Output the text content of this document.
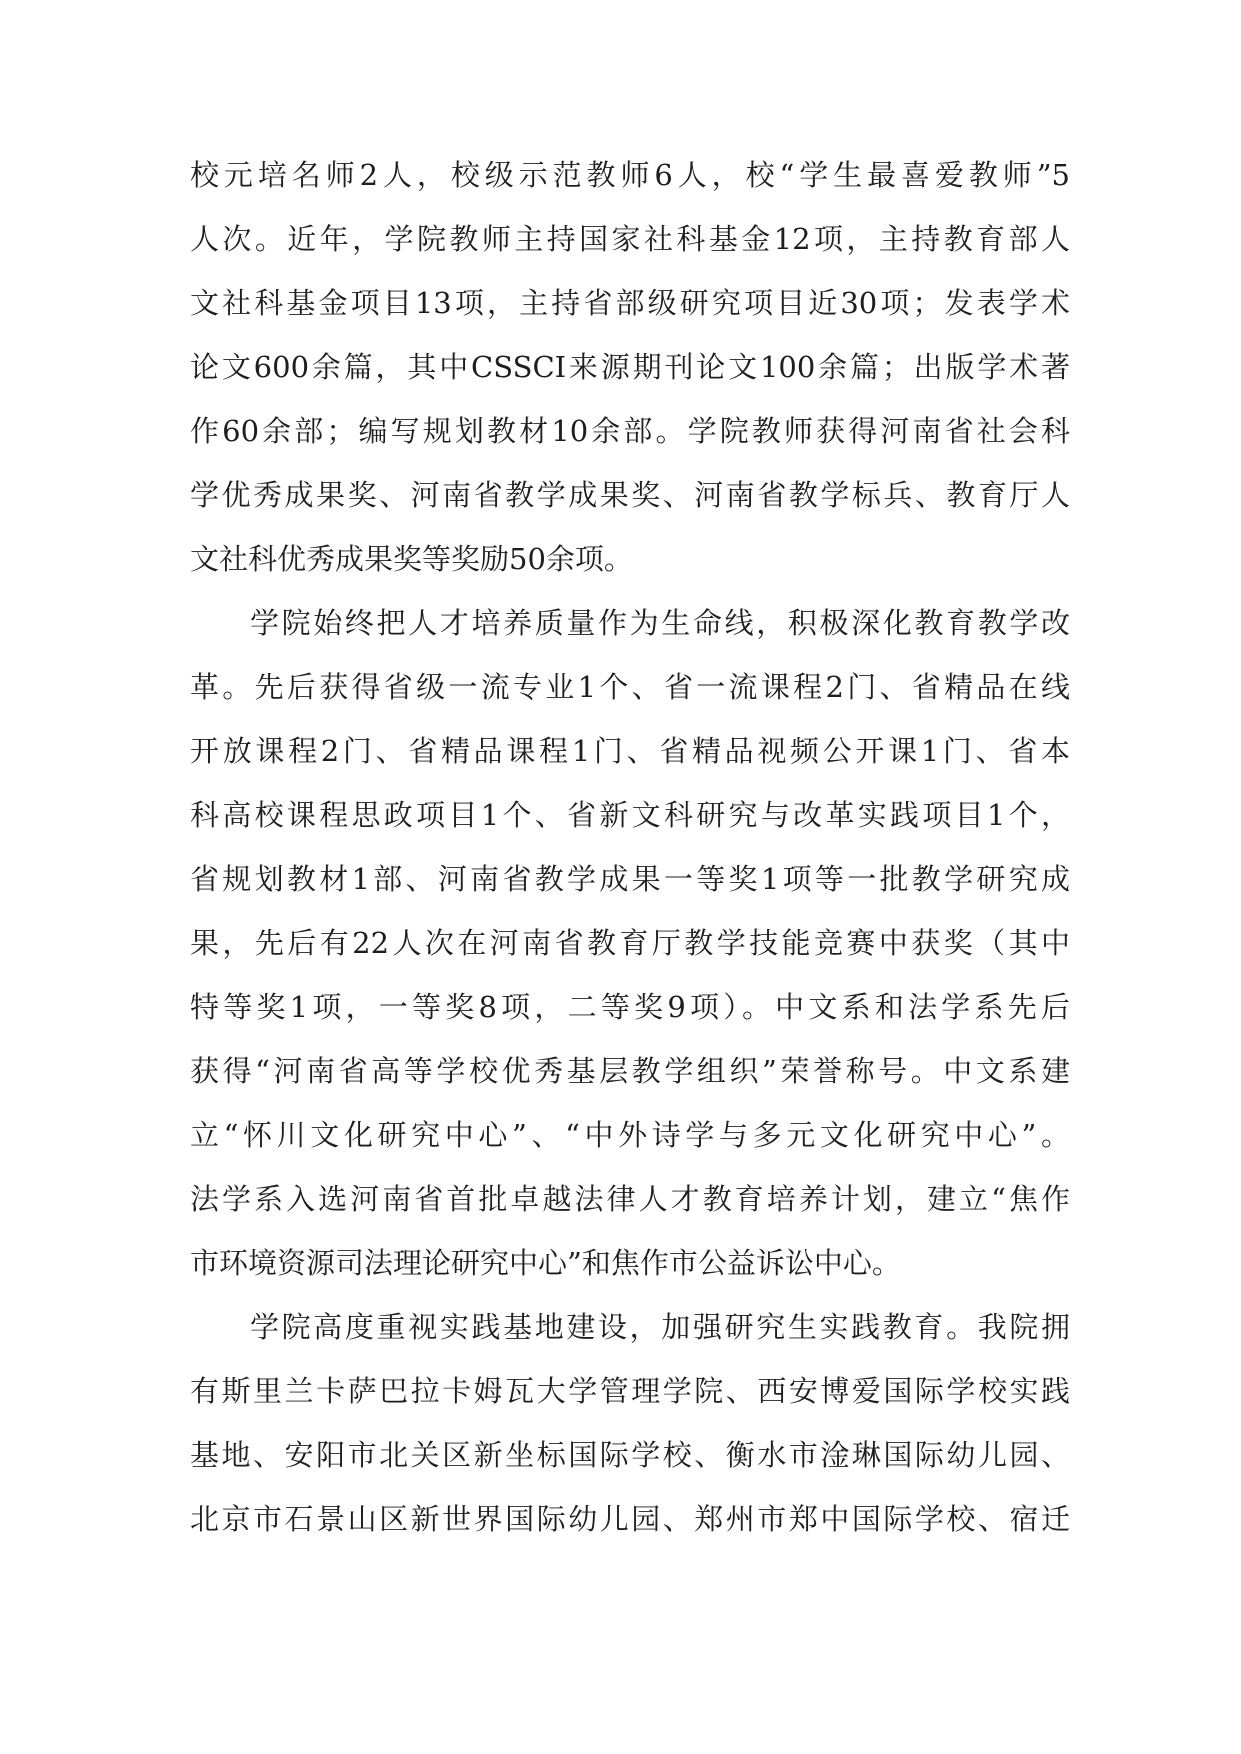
校元培名师2人，校级示范教师6人，校“学生最喜爱教师”5
人次。近年，学院教师主持国家社科基金12项，主持教育部人
文社科基金项目13项，主持省部级研究项目近30项；发表学术
论文600余篇，其中CSSCI来源期刊论文100余篇；出版学术著
作60余部；编写规划教材10余部。学院教师获得河南省社会科
学优秀成果奖、河南省教学成果奖、河南省教学标兵、教育厅人
文社科优秀成果奖等奖励50余项。
学院始终把人才培养质量作为生命线，积极深化教育教学改
革。先后获得省级一流专业1个、省一流课程2门、省精品在线
开放课程2门、省精品课程1门、省精品视频公开课1门、省本
科高校课程思政项目1个、省新文科研究与改革实践项目1个，
省规划教材1部、河南省教学成果一等奖1项等一批教学研究成
果，先后有22人次在河南省教育厅教学技能竞赛中获奖（其中
特等奖1项，一等奖8项，二等奖9项）。中文系和法学系先后
获得“河南省高等学校优秀基层教学组织”荣誉称号。中文系建
立“怀川文化研究中心”、“中外诗学与多元文化研究中心”。
法学系入选河南省首批卓越法律人才教育培养计划，建立“焦作
市环境资源司法理论研究中心”和焦作市公益诉讼中心。
学院高度重视实践基地建设，加强研究生实践教育。我院拥
有斯里兰卡萨巴拉卡姆瓦大学管理学院、西安博爱国际学校实践
基地、安阳市北关区新坐标国际学校、衡水市淦琳国际幼儿园、
北京市石景山区新世界国际幼儿园、郑州市郑中国际学校、宿迁
